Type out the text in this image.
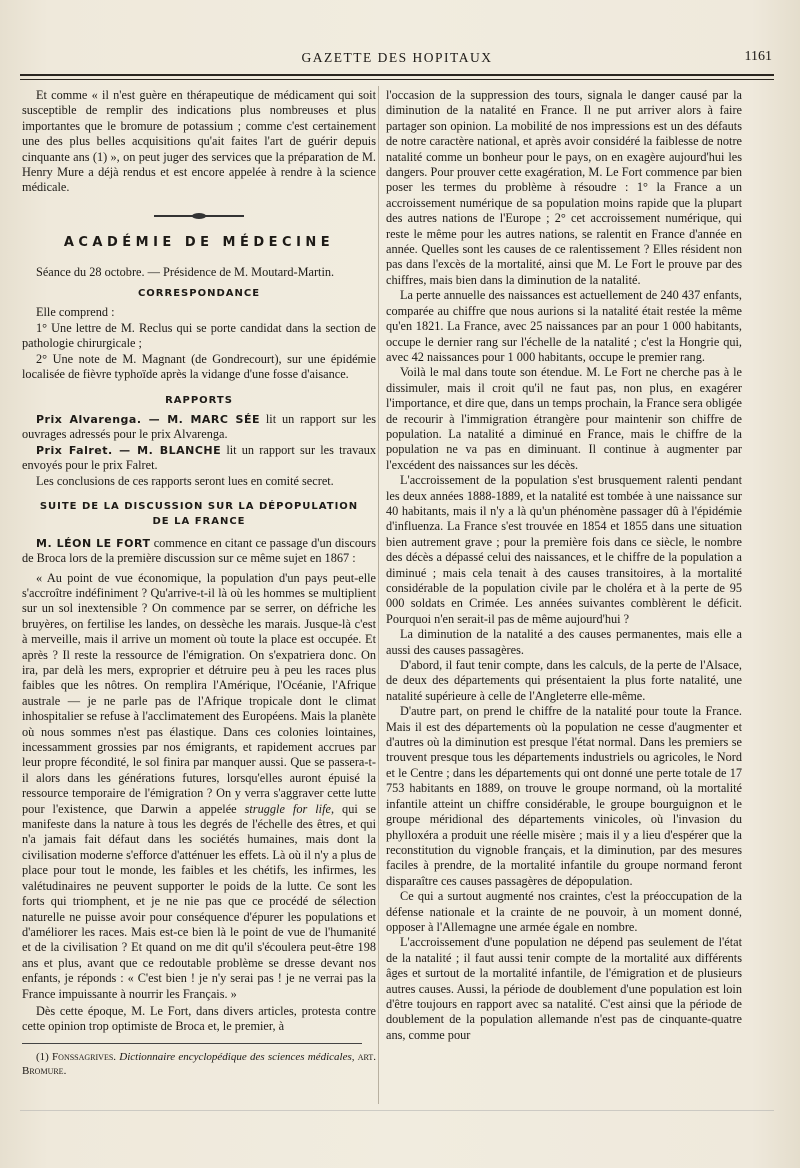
GAZETTE DES HOPITAUX	1161

Et comme « il n'est guère en thérapeutique de médicament qui soit susceptible de remplir des indications plus nombreuses et plus importantes que le bromure de potassium ; comme c'est certainement une des plus belles acquisitions qu'ait faites l'art de guérir depuis cinquante ans (1) », on peut juger des services que la préparation de M. Henry Mure a déjà rendus et est encore appelée à rendre à la science médicale.

ACADÉMIE DE MÉDECINE

Séance du 28 octobre. — Présidence de M. Moutard-Martin.

CORRESPONDANCE

Elle comprend :

1° Une lettre de M. Reclus qui se porte candidat dans la section de pathologie chirurgicale ;

2° Une note de M. Magnant (de Gondrecourt), sur une épidémie localisée de fièvre typhoïde après la vidange d'une fosse d'aisance.

RAPPORTS

Prix Alvarenga. — M. MARC SÉE lit un rapport sur les ouvrages adressés pour le prix Alvarenga.

Prix Falret. — M. BLANCHE lit un rapport sur les travaux envoyés pour le prix Falret.

Les conclusions de ces rapports seront lues en comité secret.

SUITE DE LA DISCUSSION SUR LA DÉPOPULATION
DE LA FRANCE

M. LÉON LE FORT commence en citant ce passage d'un discours de Broca lors de la première discussion sur ce même sujet en 1867 :

« Au point de vue économique, la population d'un pays peut-elle s'accroître indéfiniment ? Qu'arrive-t-il là où les hommes se multiplient sur un sol inextensible ? On commence par se serrer, on défriche les bruyères, on fertilise les landes, on dessèche les marais. Jusque-là c'est à merveille, mais il arrive un moment où toute la place est occupée. Et après ? Il reste la ressource de l'émigration. On s'expatriera donc. On ira, par delà les mers, exproprier et détruire peu à peu les races plus faibles que les nôtres. On remplira l'Amérique, l'Océanie, l'Afrique australe — je ne parle pas de l'Afrique tropicale dont le climat inhospitalier se refuse à l'acclimatement des Européens. Mais la planète où nous sommes n'est pas élastique. Dans ces colonies lointaines, incessamment grossies par nos émigrants, et rapidement accrues par leur propre fécondité, le sol finira par manquer aussi. Que se passera-t-il alors dans les générations futures, lorsqu'elles auront épuisé la ressource temporaire de l'émigration ? On y verra s'aggraver cette lutte pour l'existence, que Darwin a appelée struggle for life, qui se manifeste dans la nature à tous les degrés de l'échelle des êtres, et qui n'a jamais fait défaut dans les sociétés humaines, mais dont la civilisation moderne s'efforce d'atténuer les effets. Là où il n'y a plus de place pour tout le monde, les faibles et les chétifs, les infirmes, les valétudinaires ne peuvent supporter le poids de la lutte. Ce sont les forts qui triomphent, et je ne nie pas que ce procédé de sélection naturelle ne puisse avoir pour conséquence d'épurer les populations et d'améliorer les races. Mais est-ce bien là le point de vue de l'humanité et de la civilisation ? Et quand on me dit qu'il s'écoulera peut-être 198 ans et plus, avant que ce redoutable problème se dresse devant nos enfants, je réponds : « C'est bien ! je n'y serai pas ! je ne verrai pas la France impuissante à nourrir les Français. »

Dès cette époque, M. Le Fort, dans divers articles, protesta contre cette opinion trop optimiste de Broca et, le premier, à

(1) Fonssagrives. Dictionnaire encyclopédique des sciences médicales, art. Bromure.

l'occasion de la suppression des tours, signala le danger causé par la diminution de la natalité en France. Il ne put arriver alors à faire partager son opinion. La mobilité de nos impressions est un des défauts de notre caractère national, et après avoir considéré la faiblesse de notre natalité comme un bonheur pour le pays, on en exagère aujourd'hui les dangers. Pour prouver cette exagération, M. Le Fort commence par bien poser les termes du problème à résoudre : 1° la France a un accroissement numérique de sa population moins rapide que la plupart des autres nations de l'Europe ; 2° cet accroissement numérique, qui reste le même pour les autres nations, se ralentit en France d'année en année. Quelles sont les causes de ce ralentissement ? Elles résident non pas dans l'excès de la mortalité, ainsi que M. Le Fort le prouve par des chiffres, mais bien dans la diminution de la natalité.

La perte annuelle des naissances est actuellement de 240 437 enfants, comparée au chiffre que nous aurions si la natalité était restée la même qu'en 1821. La France, avec 25 naissances par an pour 1 000 habitants, occupe le dernier rang sur l'échelle de la natalité ; c'est la Hongrie qui, avec 42 naissances pour 1 000 habitants, occupe le premier rang.

Voilà le mal dans toute son étendue. M. Le Fort ne cherche pas à le dissimuler, mais il croit qu'il ne faut pas, non plus, en exagérer l'importance, et dire que, dans un temps prochain, la France sera obligée de recourir à l'immigration étrangère pour maintenir son chiffre de population. La natalité a diminué en France, mais le chiffre de la population ne va pas en diminuant. Il continue à augmenter par l'excédent des naissances sur les décès.

L'accroissement de la population s'est brusquement ralenti pendant les deux années 1888-1889, et la natalité est tombée à une naissance sur 40 habitants, mais il n'y a là qu'un phénomène passager dû à l'épidémie d'influenza. La France s'est trouvée en 1854 et 1855 dans une situation bien autrement grave ; pour la première fois dans ce siècle, le nombre des décès a dépassé celui des naissances, et le chiffre de la population a diminué ; mais cela tenait à des causes transitoires, à la mortalité considérable de la population civile par le choléra et à la perte de 95 000 soldats en Crimée. Les années suivantes comblèrent le déficit. Pourquoi n'en serait-il pas de même aujourd'hui ?

La diminution de la natalité a des causes permanentes, mais elle a aussi des causes passagères.

D'abord, il faut tenir compte, dans les calculs, de la perte de l'Alsace, de deux des départements qui présentaient la plus forte natalité, une natalité supérieure à celle de l'Angleterre elle-même.

D'autre part, on prend le chiffre de la natalité pour toute la France. Mais il est des départements où la population ne cesse d'augmenter et d'autres où la diminution est presque l'état normal. Dans les premiers se trouvent presque tous les départements industriels ou agricoles, le Nord et le Centre ; dans les départements qui ont donné une perte totale de 17 753 habitants en 1889, on trouve le groupe normand, où la mortalité infantile atteint un chiffre considérable, le groupe bourguignon et le groupe méridional des départements vinicoles, où l'invasion du phylloxéra a produit une réelle misère ; mais il y a lieu d'espérer que la reconstitution du vignoble français, et la diminution, par des mesures faciles à prendre, de la mortalité infantile du groupe normand feront disparaître ces causes passagères de dépopulation.

Ce qui a surtout augmenté nos craintes, c'est la préoccupation de la défense nationale et la crainte de ne pouvoir, à un moment donné, opposer à l'Allemagne une armée égale en nombre.

L'accroissement d'une population ne dépend pas seulement de l'état de la natalité ; il faut aussi tenir compte de la mortalité aux différents âges et surtout de la mortalité infantile, de l'émigration et de plusieurs autres causes. Aussi, la période de doublement d'une population est loin d'être toujours en rapport avec sa natalité. C'est ainsi que la période de doublement de la population allemande n'est pas de cinquante-quatre ans, comme pour
